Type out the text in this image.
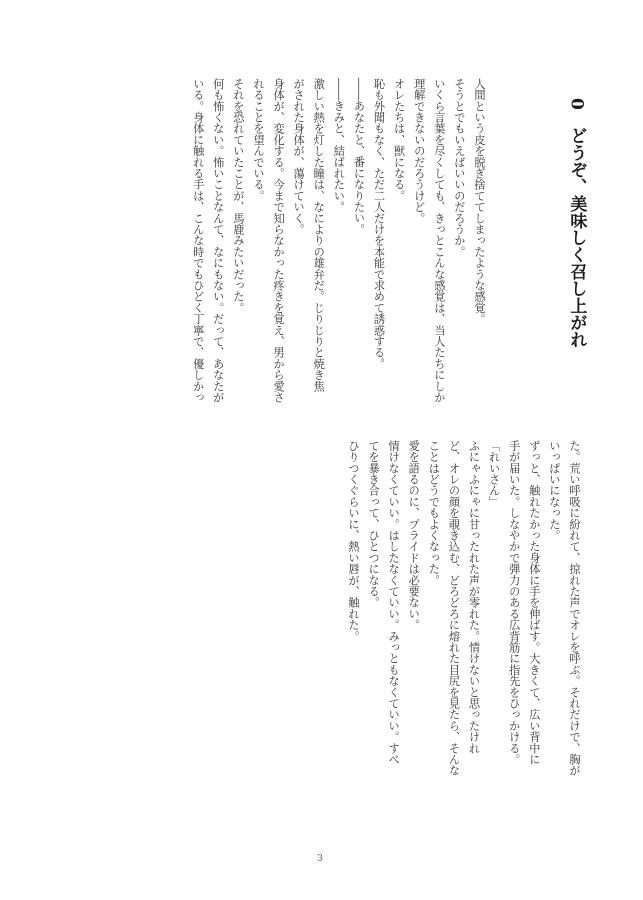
0　どうぞ、美味しく召し上がれ

人間という皮を脱ぎ捨ててしまったような感覚。

そうとでもいえばいいのだろうか。

いくら言葉を尽くしても、きっとこんな感覚は、当人たちにしか

理解できないのだろうけど。

オレたちは、獣になる。

恥も外聞もなく、ただ二人だけを本能で求めて誘惑する。

――あなたと、番になりたい。

――きみと、結ばれたい。

激しい熱を灯した瞳は、なによりの雄弁だ。じりじりと焼き焦

がされた身体が、蕩けていく。

身体が、変化する。今まで知らなかった疼きを覚え、男から愛さ

れることを望んでいる。

それを恐れていたことが、馬鹿みたいだった。

何も怖くない。怖いことなんて、なにもない。だって、あなたが

いる。身体に触れる手は、こんな時でもひどく丁寧で、優しかっ

た。荒い呼吸に紛れて、掠れた声でオレを呼ぶ。それだけで、胸が

いっぱいになった。

ずっと、触れたかった身体に手を伸ばす。大きくて、広い背中に

手が届いた。しなやかで弾力のある広背筋に指先をひっかける。

「れいさん」

ふにゃふにゃに甘ったれた声が零れた。情けないと思ったけれ

ど、オレの顔を覗き込む、どろどろに熔れた目尻を見たら、そんな

ことはどうでもよくなった。

愛を語るのに、プライドは必要ない。

情けなくていい。はしたなくていい。みっともなくていい。すべ

てを暴き合って、ひとつになる。

ひりつくぐらいに、熱い唇が、触れた。

3
